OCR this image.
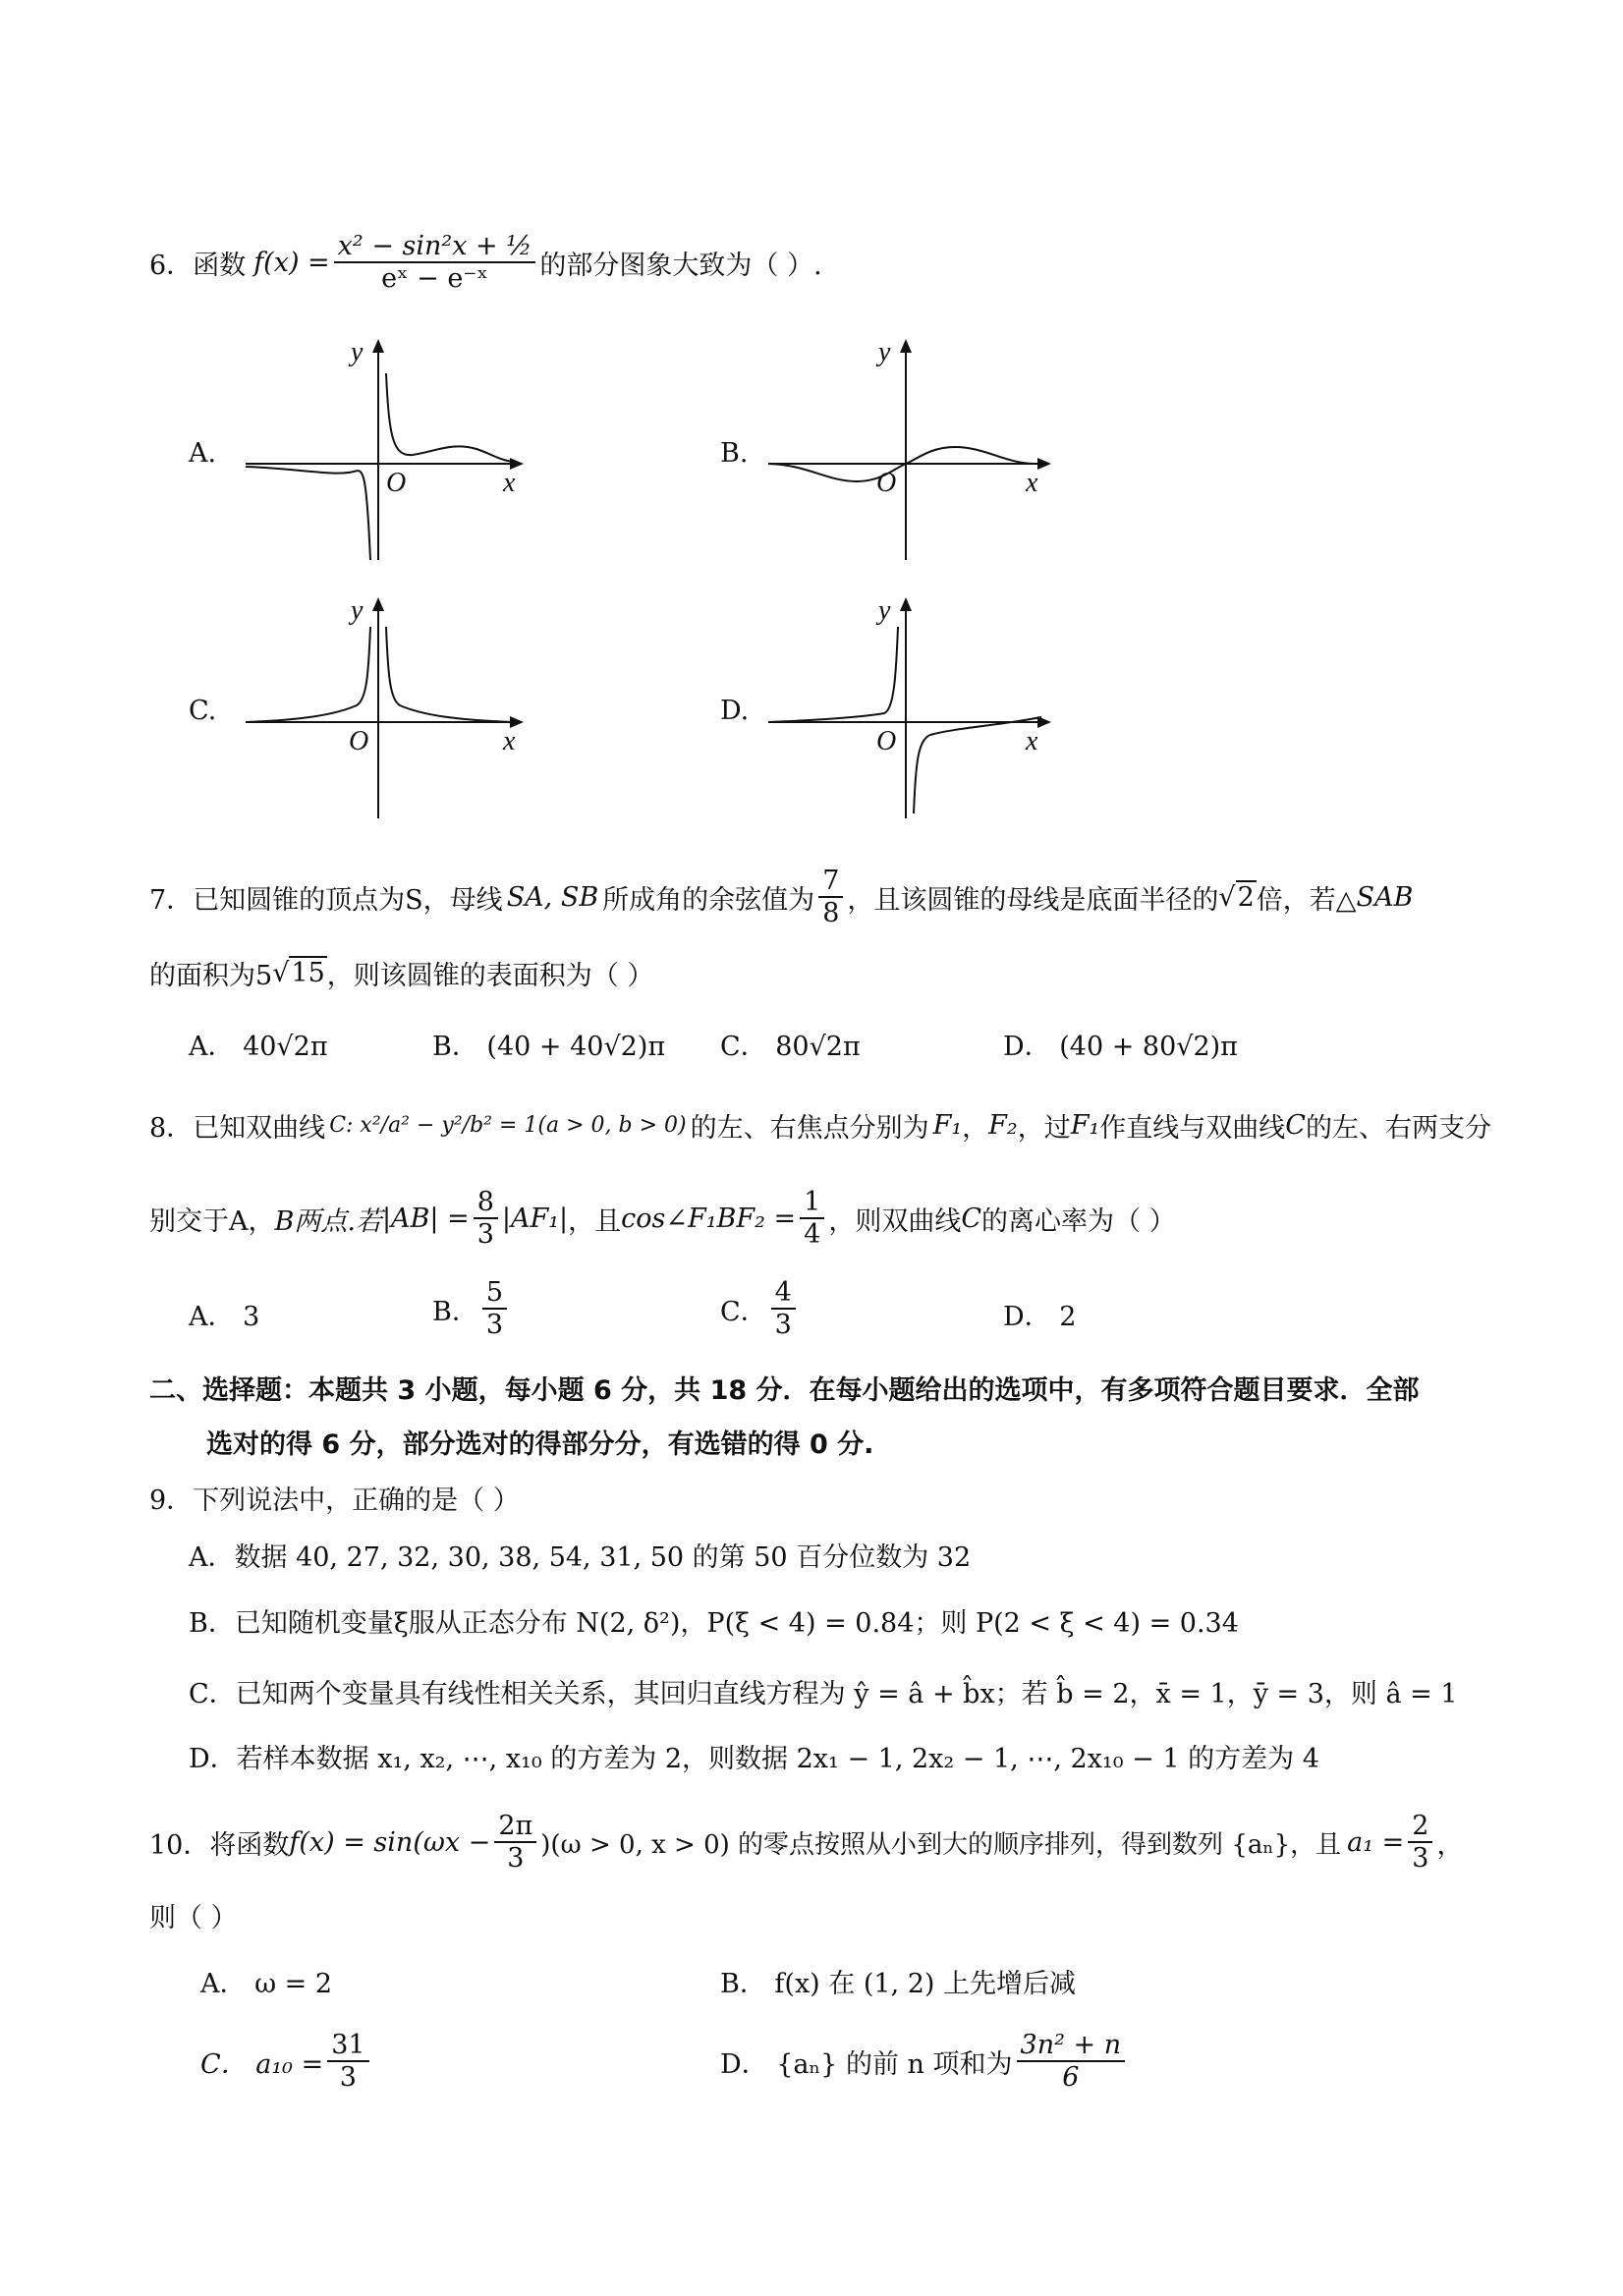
6． 函数 $f(x) = \frac{\text{x² − sin²x + ½}}{\text{eˣ − e⁻ˣ}}$ 的部分图象大致为（ ）.
A.
y
x
O
B.
y
x
O
C.
y
x
O
D.
y
x
O
7． 已知圆锥的顶点为S，母线 SA, SB 所成角的余弦值为 $\frac{7}{8}$ ，且该圆锥的母线是底面半径的 √2 倍，若△ SAB
的面积为5 √15 ，则该圆锥的表面积为（ ）
A． 40√2π	B． (40 + 40√2)π C． 80√2π	D． (40 + 80√2)π
8． 已知双曲线 C: x²/a² − y²/b² = 1(a > 0, b > 0) 的左、右焦点分别为 F₁ ， F₂ ，过 F₁ 作直线与双曲线 C 的左、右两支分
别交于A， B两点.若 $|AB| = \frac{8}{3} |AF_1|$ ，且 cos∠F₁BF₂ = $\frac{1}{4}$ ，则双曲线 C 的离心率为（ ）
A． 3	B． $\frac{5}{3}$	C． $\frac{4}{3}$	D． 2
二、选择题：本题共 3 小题，每小题 6 分，共 18 分．在每小题给出的选项中，有多项符合题目要求．全部
选对的得 6 分，部分选对的得部分分，有选错的得 0 分.
9．下列说法中，正确的是（ ）
A．数据 40, 27, 32, 30, 38, 54, 31, 50 的第 50 百分位数为 32
B．已知随机变量ξ服从正态分布 N(2, δ²)，P(ξ < 4) = 0.84；则 P(2 < ξ < 4) = 0.34
C．已知两个变量具有线性相关关系，其回归直线方程为 ŷ = â + b̂x；若 b̂ = 2，x̄ = 1，ȳ = 3，则 â = 1
D．若样本数据 x₁, x₂, ⋯, x₁₀ 的方差为 2，则数据 2x₁ − 1, 2x₂ − 1, ⋯, 2x₁₀ − 1 的方差为 4
10．将函数 $f(x) = \sin(\omega x - \frac{2\pi}{3} )(\omega > 0$, x > 0) 的零点按照从小到大的顺序排列，得到数列 {aₙ}，且 $a_1 = \frac{2}{3}$ ，
则（ ）
A． ω = 2	B． f(x) 在 (1, 2) 上先增后减
C． $a_{10} = \frac{31}{3}$	D． {aₙ} 的前 n 项和为 $\frac{\text{3n² + n}}{6}$
